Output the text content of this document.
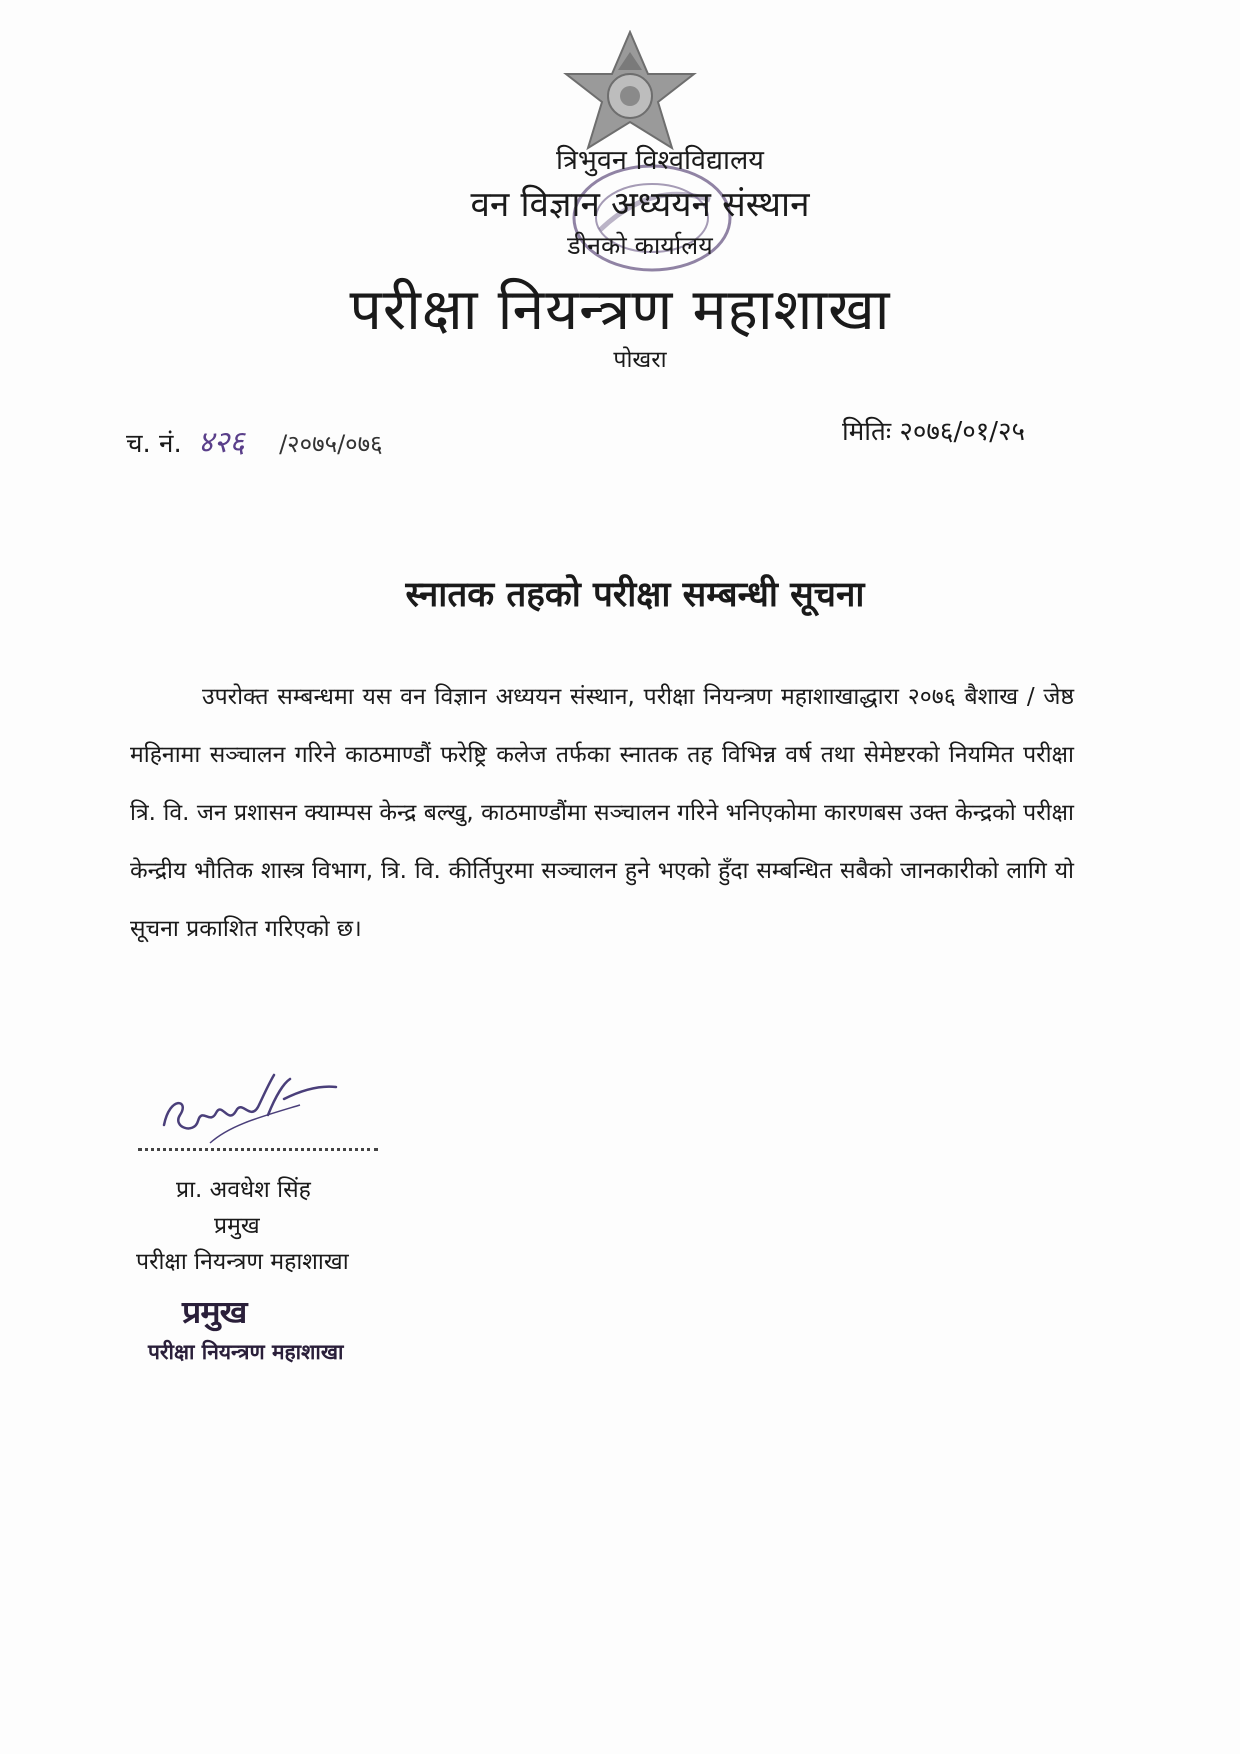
त्रिभुवन विश्वविद्यालय
वन विज्ञान अध्ययन संस्थान
डीनको कार्यालय
परीक्षा नियन्त्रण महाशाखा
पोखरा
च. नं. ४२६ /२०७५/०७६	मितिः २०७६/०१/२५
स्नातक तहको परीक्षा सम्बन्धी सूचना
उपरोक्त सम्बन्धमा यस वन विज्ञान अध्ययन संस्थान, परीक्षा नियन्त्रण महाशाखाद्धारा २०७६ बैशाख / जेष्ठ महिनामा सञ्चालन गरिने काठमाण्डौं फरेष्ट्रि कलेज तर्फका स्नातक तह विभिन्न वर्ष तथा सेमेष्टरको नियमित परीक्षा त्रि. वि. जन प्रशासन क्याम्पस केन्द्र बल्खु, काठमाण्डौंमा सञ्चालन गरिने भनिएकोमा कारणबस उक्त केन्द्रको परीक्षा केन्द्रीय भौतिक शास्त्र विभाग, त्रि. वि. कीर्तिपुरमा सञ्चालन हुने भएको हुँदा सम्बन्धित सबैको जानकारीको लागि यो सूचना प्रकाशित गरिएको छ।
प्रा. अवधेश सिंह
प्रमुख
परीक्षा नियन्त्रण महाशाखा
प्रमुख
परीक्षा नियन्त्रण महाशाखा
